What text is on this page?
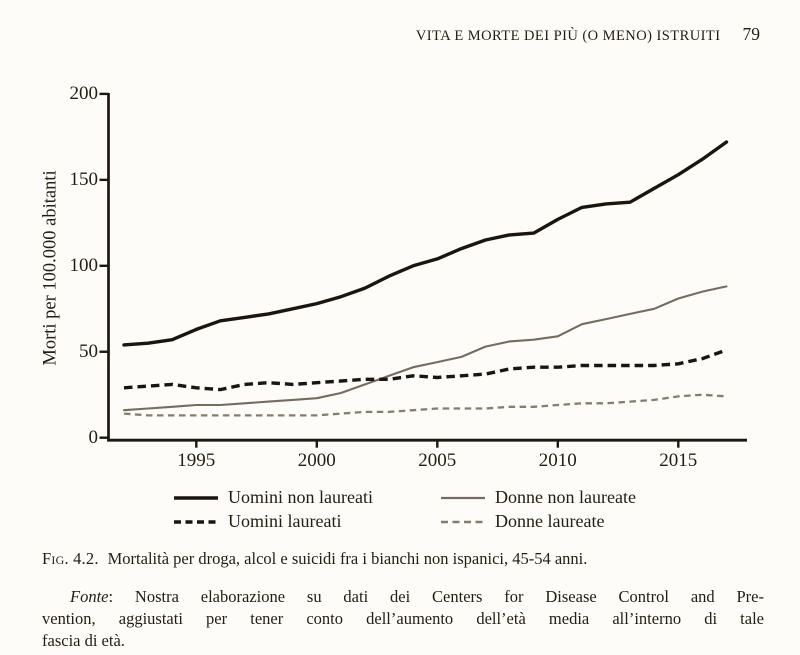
VITA E MORTE DEI PIÙ (O MENO) ISTRUITI 79
Morti per 100.000 abitanti
0
50
100
150
200
1995	2000	2005	2010	2015
Uomini non laureati	Donne non laureate
Uomini laureati	Donne laureate
Fig. 4.2. Mortalità per droga, alcol e suicidi fra i bianchi non ispanici, 45-54 anni.
Fonte: Nostra elaborazione su dati dei Centers for Disease Control and Pre-
vention, aggiustati per tener conto dell’aumento dell’età media all’interno di tale
fascia di età.
